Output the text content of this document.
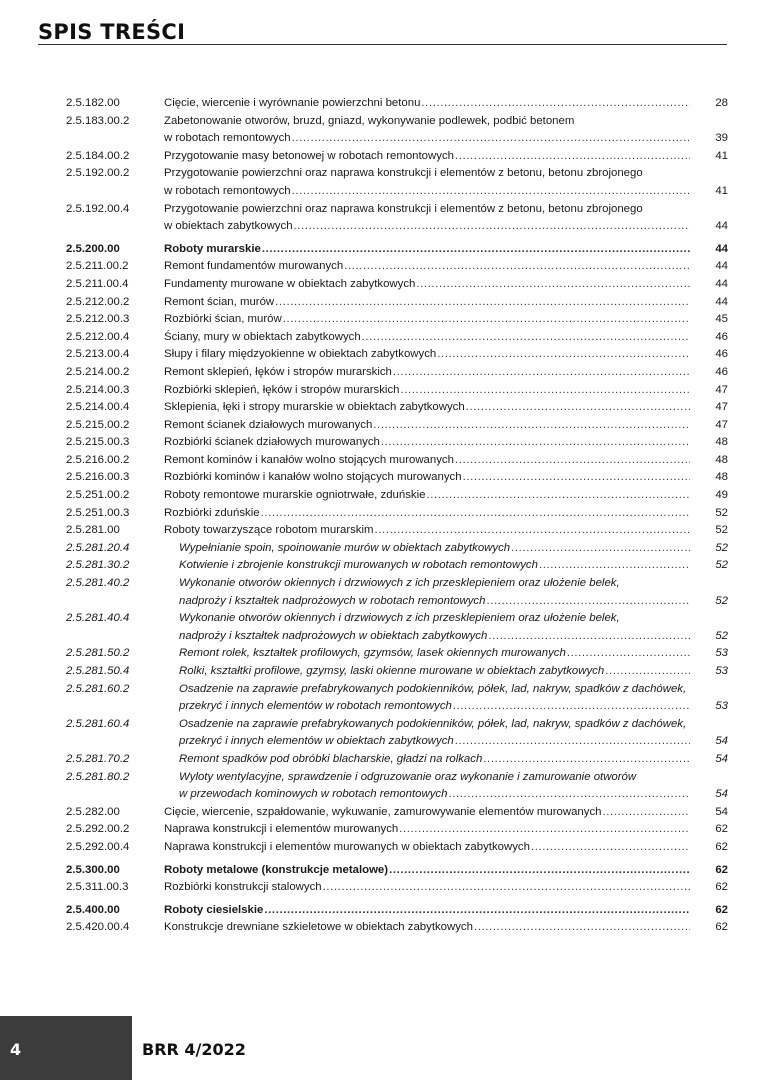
SPIS TREŚCI
2.5.182.00	Cięcie, wiercenie i wyrównanie powierzchni betonu .....	28
2.5.183.00.2	Zabetonowanie otworów, bruzd, gniazd, wykonywanie podlewek, podbić betonem
w robotach remontowych .....	39
2.5.184.00.2	Przygotowanie masy betonowej w robotach remontowych .....	41
2.5.192.00.2	Przygotowanie powierzchni oraz naprawa konstrukcji i elementów z betonu, betonu zbrojonego
w robotach remontowych .....	41
2.5.192.00.4	Przygotowanie powierzchni oraz naprawa konstrukcji i elementów z betonu, betonu zbrojonego
w obiektach zabytkowych .....	44
2.5.200.00	Roboty murarskie .....	44
2.5.211.00.2	Remont fundamentów murowanych .....	44
2.5.211.00.4	Fundamenty murowane w obiektach zabytkowych .....	44
2.5.212.00.2	Remont ścian, murów .....	44
2.5.212.00.3	Rozbiórki ścian, murów .....	45
2.5.212.00.4	Ściany, mury w obiektach zabytkowych .....	46
2.5.213.00.4	Słupy i filary międzyokienne w obiektach zabytkowych .....	46
2.5.214.00.2	Remont sklepień, łęków i stropów murarskich .....	46
2.5.214.00.3	Rozbiórki sklepień, łęków i stropów murarskich .....	47
2.5.214.00.4	Sklepienia, łęki i stropy murarskie w obiektach zabytkowych .....	47
2.5.215.00.2	Remont ścianek działowych murowanych .....	47
2.5.215.00.3	Rozbiórki ścianek działowych murowanych .....	48
2.5.216.00.2	Remont kominów i kanałów wolno stojących murowanych .....	48
2.5.216.00.3	Rozbiórki kominów i kanałów wolno stojących murowanych .....	48
2.5.251.00.2	Roboty remontowe murarskie ogniotrwałe, zduńskie .....	49
2.5.251.00.3	Rozbiórki zduńskie .....	52
2.5.281.00	Roboty towarzyszące robotom murarskim .....	52
2.5.281.20.4	Wypełnianie spoin, spoinowanie murów w obiektach zabytkowych .....	52
2.5.281.30.2	Kotwienie i zbrojenie konstrukcji murowanych w robotach remontowych .....	52
2.5.281.40.2	Wykonanie otworów okiennych i drzwiowych z ich przesklepieniem oraz ułożenie belek,
nadproży i kształtek nadprożowych w robotach remontowych .....	52
2.5.281.40.4	Wykonanie otworów okiennych i drzwiowych z ich przesklepieniem oraz ułożenie belek,
nadproży i kształtek nadprożowych w obiektach zabytkowych .....	52
2.5.281.50.2	Remont rolek, kształtek profilowych, gzymsów, lasek okiennych murowanych .....	53
2.5.281.50.4	Rolki, kształtki profilowe, gzymsy, laski okienne murowane w obiektach zabytkowych .....	53
2.5.281.60.2	Osadzenie na zaprawie prefabrykowanych podokienników, półek, lad, nakryw, spadków z dachówek,
przekryć i innych elementów w robotach remontowych .....	53
2.5.281.60.4	Osadzenie na zaprawie prefabrykowanych podokienników, półek, lad, nakryw, spadków z dachówek,
przekryć i innych elementów w obiektach zabytkowych .....	54
2.5.281.70.2	Remont spadków pod obróbki blacharskie, gładzi na rolkach .....	54
2.5.281.80.2	Wyloty wentylacyjne, sprawdzenie i odgruzowanie oraz wykonanie i zamurowanie otworów
w przewodach kominowych w robotach remontowych .....	54
2.5.282.00	Cięcie, wiercenie, szpałdowanie, wykuwanie, zamurowywanie elementów murowanych .....	54
2.5.292.00.2	Naprawa konstrukcji i elementów murowanych .....	62
2.5.292.00.4	Naprawa konstrukcji i elementów murowanych w obiektach zabytkowych .....	62
2.5.300.00	Roboty metalowe (konstrukcje metalowe) .....	62
2.5.311.00.3	Rozbiórki konstrukcji stalowych .....	62
2.5.400.00	Roboty ciesielskie .....	62
2.5.420.00.4	Konstrukcje drewniane szkieletowe w obiektach zabytkowych .....	62
4	BRR 4/2022
